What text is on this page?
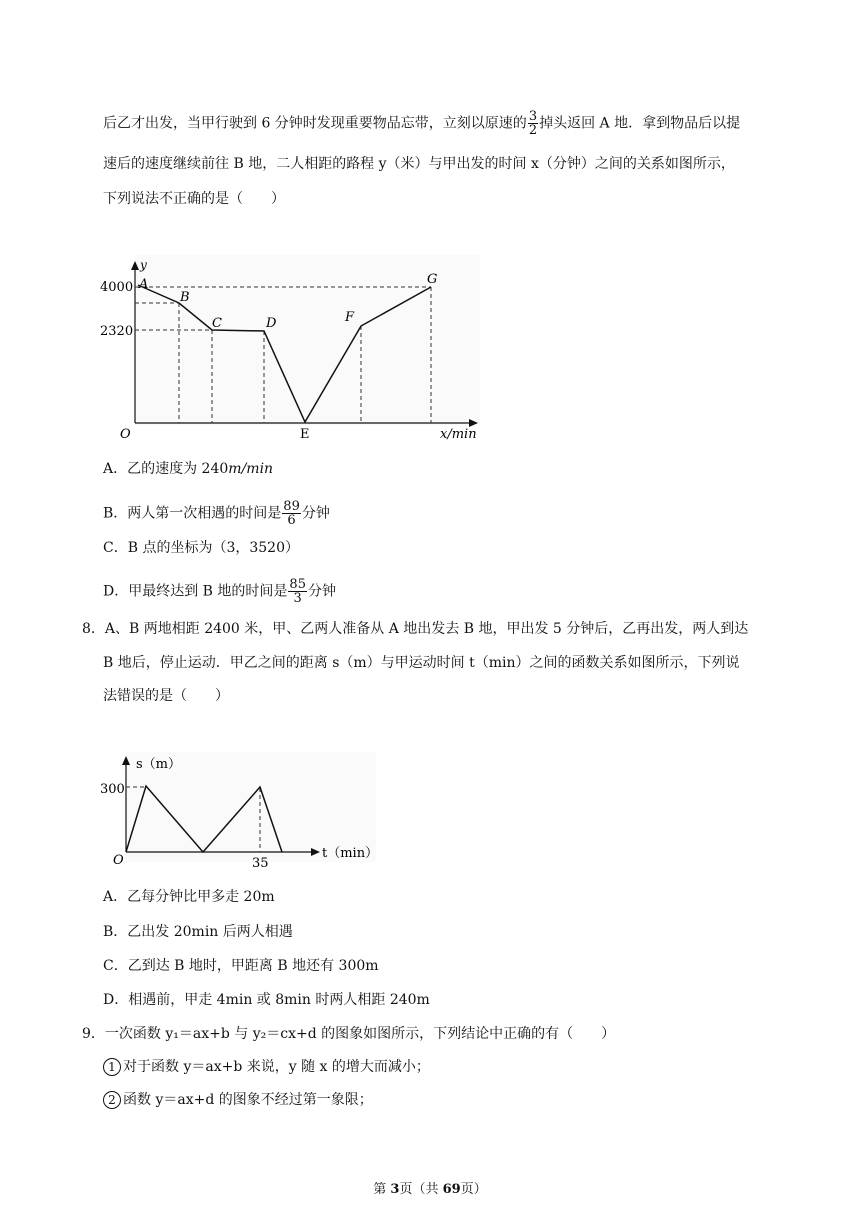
后乙才出发，当甲行驶到 6 分钟时发现重要物品忘带，立刻以原速的 $\frac{3}{2}$ 掉头返回 A 地．拿到物品后以提
速后的速度继续前往 B 地，二人相距的路程 y（米）与甲出发的时间 x（分钟）之间的关系如图所示，
下列说法不正确的是（　　）
4000
2320
y
O	x/min
A
B
C	D
E
F
G
A．乙的速度为 240m/min
B．两人第一次相遇的时间是 $\frac{89}{6}$ 分钟
C．B 点的坐标为（3，3520）
D．甲最终达到 B 地的时间是 $\frac{85}{3}$ 分钟
8．A、B 两地相距 2400 米，甲、乙两人准备从 A 地出发去 B 地，甲出发 5 分钟后，乙再出发，两人到达
B 地后，停止运动．甲乙之间的距离 s（m）与甲运动时间 t（min）之间的函数关系如图所示，下列说
法错误的是（　　）
300
s（m）
O	35
t（min）
A．乙每分钟比甲多走 20m
B．乙出发 20min 后两人相遇
C．乙到达 B 地时，甲距离 B 地还有 300m
D．相遇前，甲走 4min 或 8min 时两人相距 240m
9．一次函数 y₁＝ax+b 与 y₂＝cx+d 的图象如图所示，下列结论中正确的有（　　）
1 对于函数 y＝ax+b 来说，y 随 x 的增大而减小；
2 函数 y＝ax+d 的图象不经过第一象限；
第 3页（共 69页）
